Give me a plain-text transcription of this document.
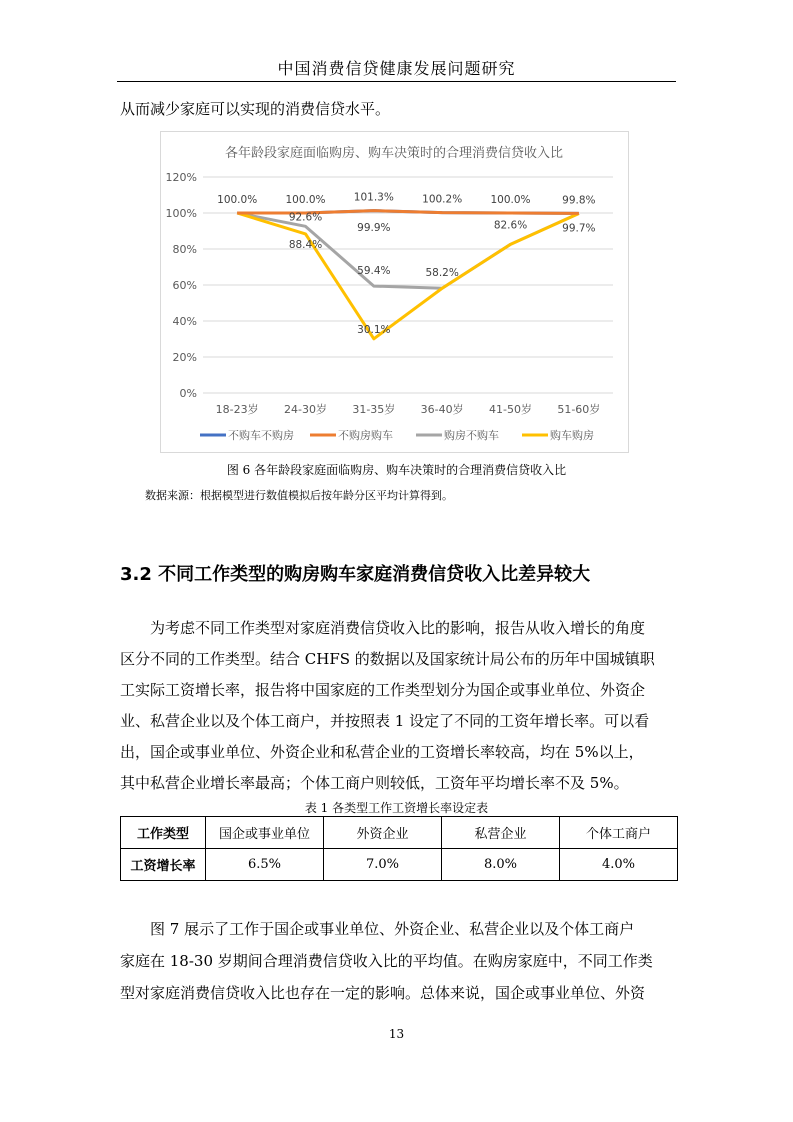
中国消费信贷健康发展问题研究
从而减少家庭可以实现的消费信贷水平。
0%
20%
40%
60%
80%
100%
120%
18-23岁 24-30岁 31-35岁 36-40岁 41-50岁 51-60岁
100.0%	100.0%	101.3%	100.2%	100.0%	99.8%
92.6%
59.4%	58.2%
88.4%
30.1%
82.6%	99.7%
99.9%
不购车不购房	不购房购车	购房不购车	购车购房
各年龄段家庭面临购房、购车决策时的合理消费信贷收入比
图 6 各年龄段家庭面临购房、购车决策时的合理消费信贷收入比
数据来源：根据模型进行数值模拟后按年龄分区平均计算得到。
3.2 不同工作类型的购房购车家庭消费信贷收入比差异较大
为考虑不同工作类型对家庭消费信贷收入比的影响，报告从收入增长的角度
区分不同的工作类型。结合 CHFS 的数据以及国家统计局公布的历年中国城镇职
工实际工资增长率，报告将中国家庭的工作类型划分为国企或事业单位、外资企
业、私营企业以及个体工商户，并按照表 1 设定了不同的工资年增长率。可以看
出，国企或事业单位、外资企业和私营企业的工资增长率较高，均在 5%以上，
其中私营企业增长率最高；个体工商户则较低，工资年平均增长率不及 5%。
表 1 各类型工作工资增长率设定表
工作类型	国企或事业单位	外资企业	私营企业	个体工商户
工资增长率	6.5%	7.0%	8.0%	4.0%
图 7 展示了工作于国企或事业单位、外资企业、私营企业以及个体工商户
家庭在 18-30 岁期间合理消费信贷收入比的平均值。在购房家庭中，不同工作类
型对家庭消费信贷收入比也存在一定的影响。总体来说，国企或事业单位、外资
13
